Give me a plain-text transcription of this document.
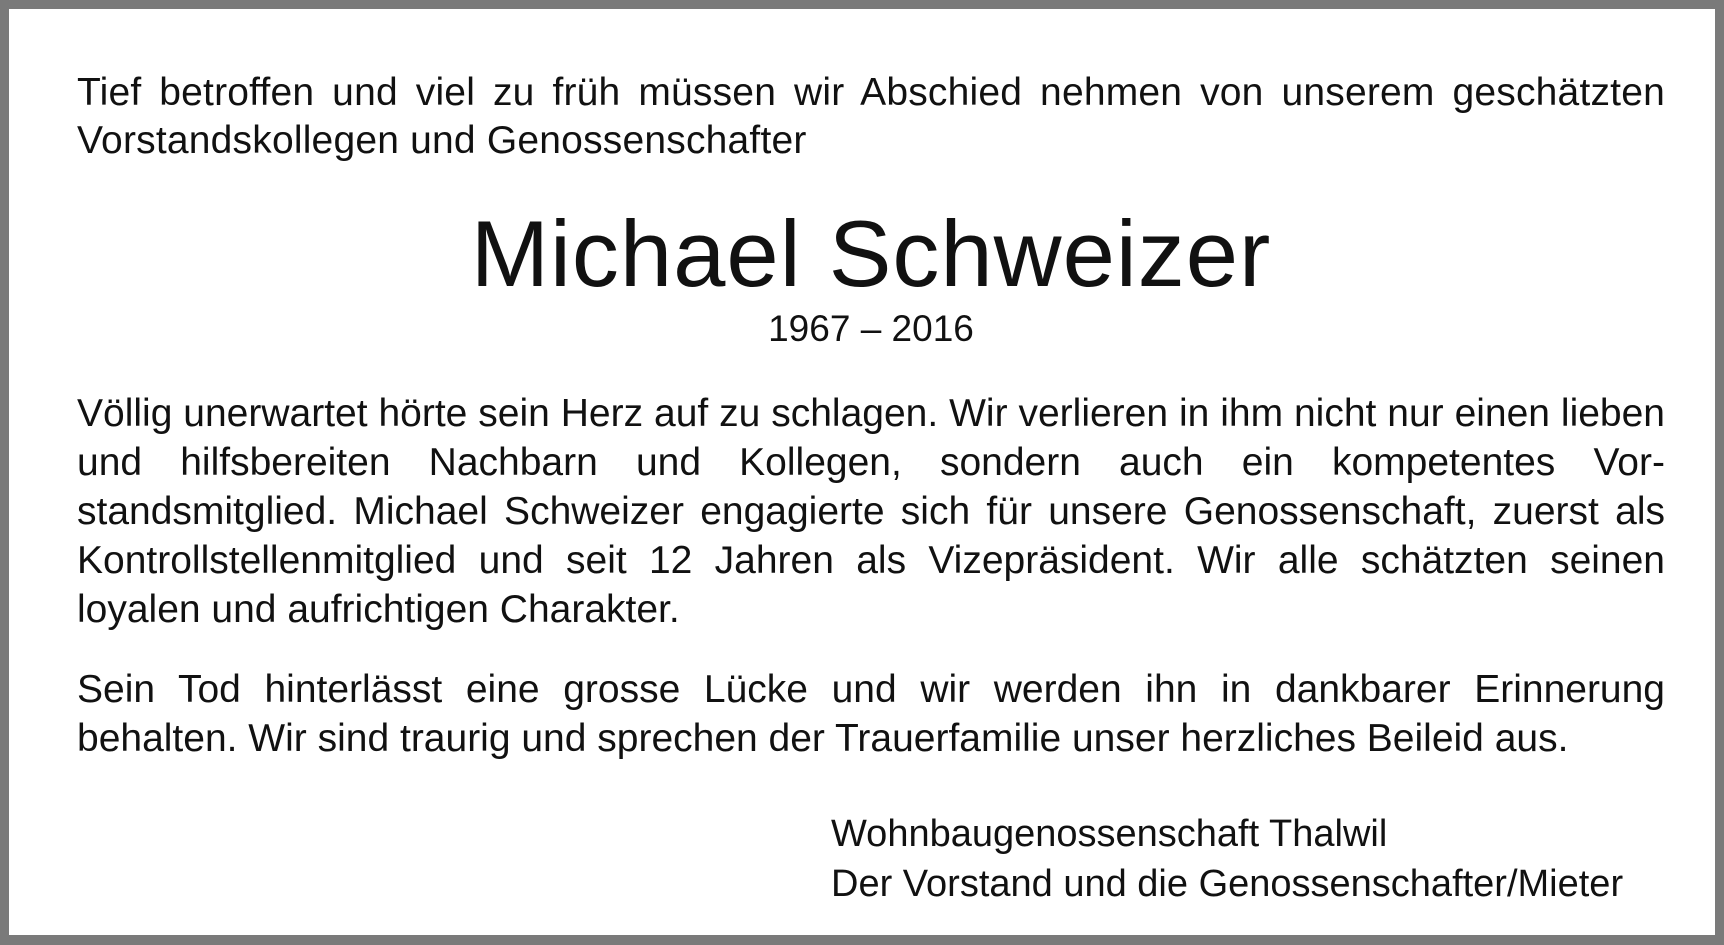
Tief betroffen und viel zu früh müssen wir Abschied nehmen von unserem geschätzten Vorstandskollegen und Genossenschafter
Michael Schweizer
1967 – 2016
Völlig unerwartet hörte sein Herz auf zu schlagen. Wir verlieren in ihm nicht nur einen lieben und hilfsbereiten Nachbarn und Kollegen, sondern auch ein kompetentes Vorstandsmitglied. Michael Schweizer engagierte sich für unsere Genossenschaft, zuerst als Kontrollstellenmitglied und seit 12 Jahren als Vizepräsident. Wir alle schätzten seinen loyalen und aufrichtigen Charakter.
Sein Tod hinterlässt eine grosse Lücke und wir werden ihn in dankbarer Erinnerung behalten. Wir sind traurig und sprechen der Trauerfamilie unser herzliches Beileid aus.
Wohnbaugenossenschaft Thalwil
Der Vorstand und die Genossenschafter/Mieter
